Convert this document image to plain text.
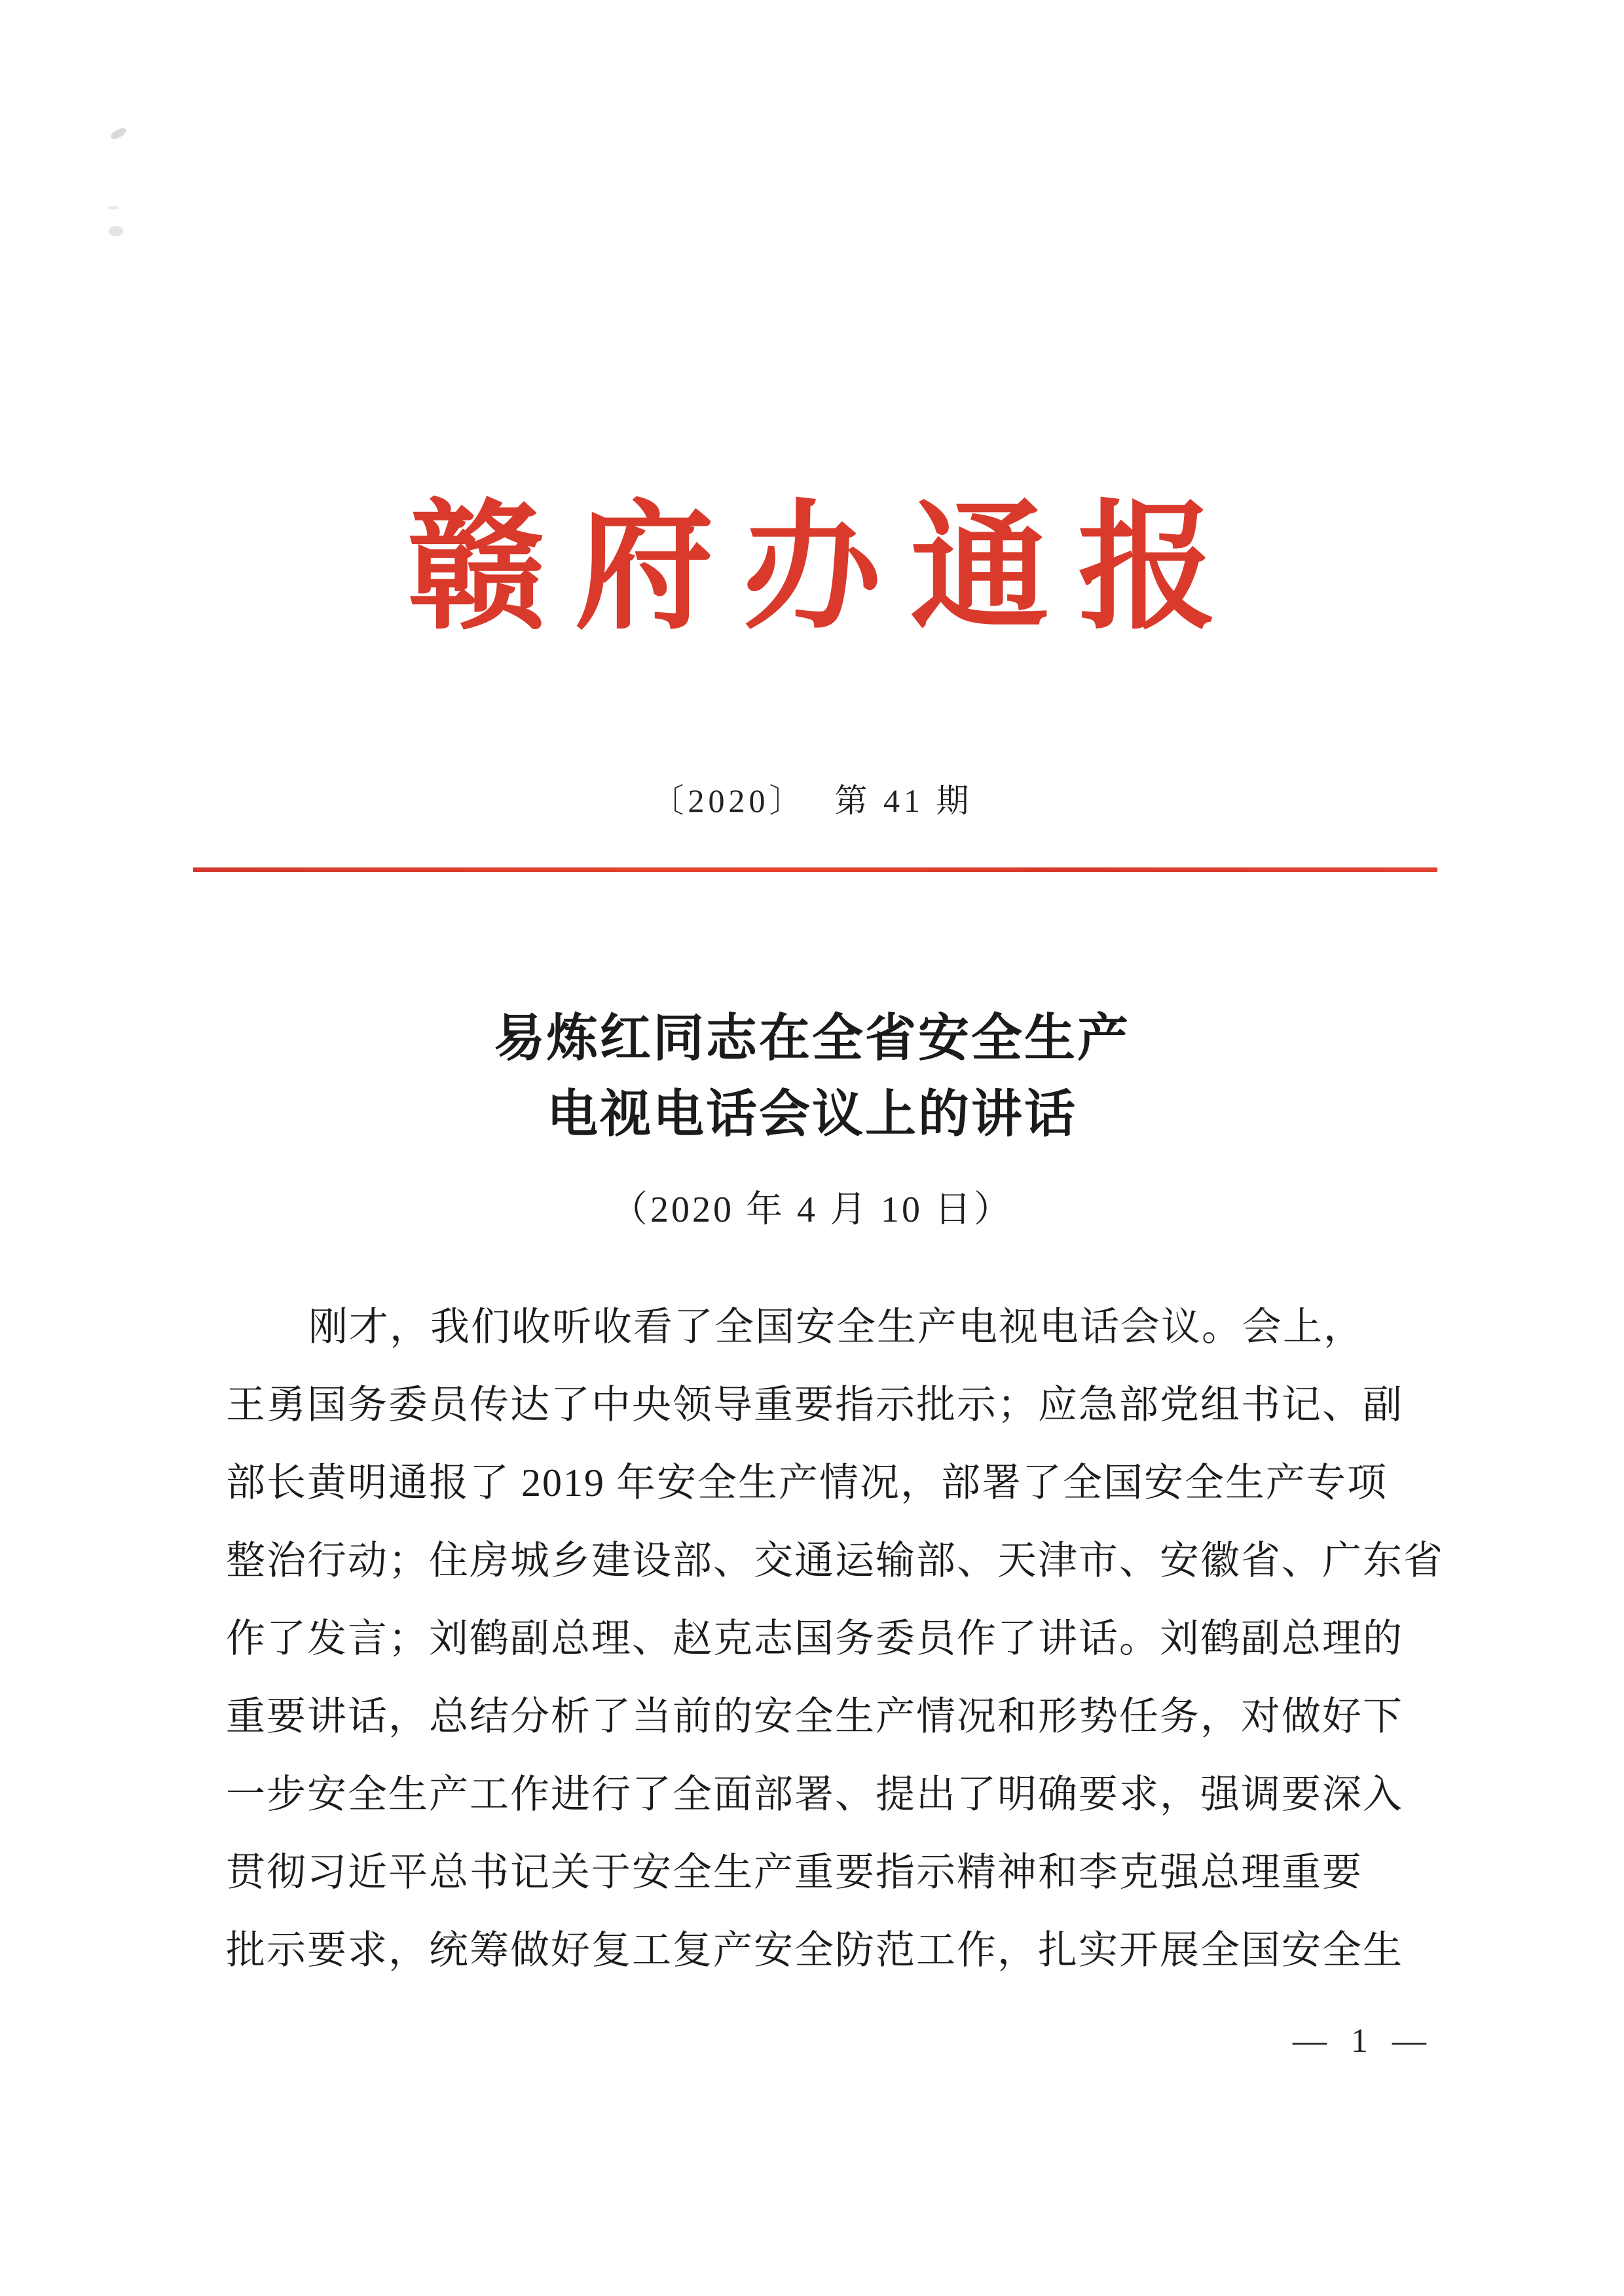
赣府办通报
〔2020〕 第 41 期
易炼红同志在全省安全生产
电视电话会议上的讲话
（2020 年 4 月 10 日）
刚才，我们收听收看了全国安全生产电视电话会议。会上，
王勇国务委员传达了中央领导重要指示批示；应急部党组书记、副
部长黄明通报了 2019 年安全生产情况，部署了全国安全生产专项
整治行动；住房城乡建设部、交通运输部、天津市、安徽省、广东省
作了发言；刘鹤副总理、赵克志国务委员作了讲话。刘鹤副总理的
重要讲话，总结分析了当前的安全生产情况和形势任务，对做好下
一步安全生产工作进行了全面部署、提出了明确要求，强调要深入
贯彻习近平总书记关于安全生产重要指示精神和李克强总理重要
批示要求，统筹做好复工复产安全防范工作，扎实开展全国安全生
— 1 —
